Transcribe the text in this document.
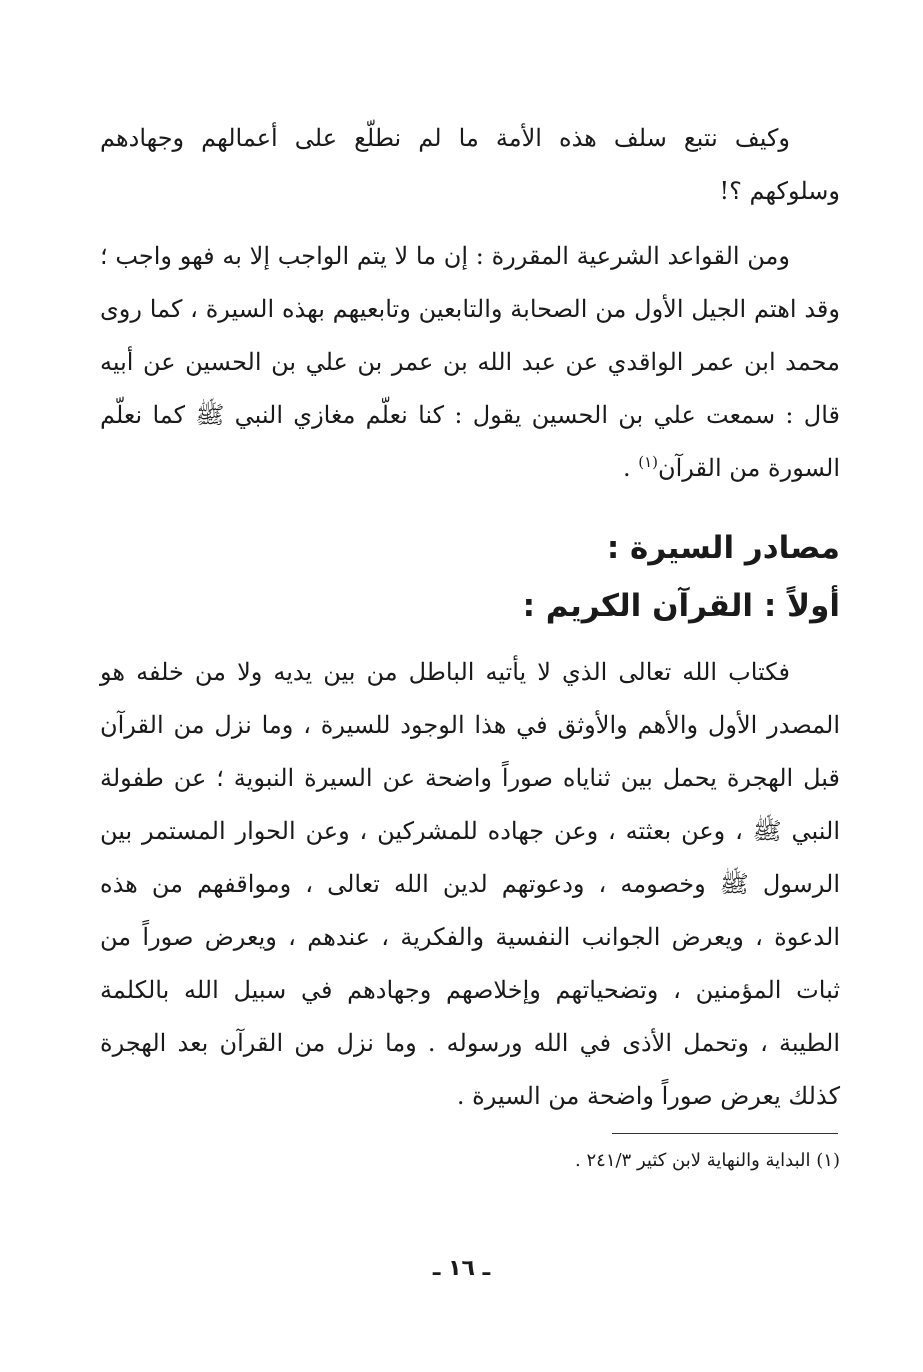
وكيف نتبع سلف هذه الأمة ما لم نطلّع على أعمالهم وجهادهم وسلوكهم ؟!

ومن القواعد الشرعية المقررة : إن ما لا يتم الواجب إلا به فهو واجب ؛ وقد اهتم الجيل الأول من الصحابة والتابعين وتابعيهم بهذه السيرة ، كما روى محمد ابن عمر الواقدي عن عبد الله بن عمر بن علي بن الحسين عن أبيه قال : سمعت علي بن الحسين يقول : كنا نعلّم مغازي النبي ﷺ كما نعلّم السورة من القرآن$^{(١)}$ .

مصادر السيرة :
أولاً : القرآن الكريم :

فكتاب الله تعالى الذي لا يأتيه الباطل من بين يديه ولا من خلفه هو المصدر الأول والأهم والأوثق في هذا الوجود للسيرة ، وما نزل من القرآن قبل الهجرة يحمل بين ثناياه صوراً واضحة عن السيرة النبوية ؛ عن طفولة النبي ﷺ ، وعن بعثته ، وعن جهاده للمشركين ، وعن الحوار المستمر بين الرسول ﷺ وخصومه ، ودعوتهم لدين الله تعالى ، ومواقفهم من هذه الدعوة ، ويعرض الجوانب النفسية والفكرية ، عندهم ، ويعرض صوراً من ثبات المؤمنين ، وتضحياتهم وإخلاصهم وجهادهم في سبيل الله بالكلمة الطيبة ، وتحمل الأذى في الله ورسوله . وما نزل من القرآن بعد الهجرة كذلك يعرض صوراً واضحة من السيرة .

(١) البداية والنهاية لابن كثير ٢٤١/٣ .
ـ ١٦ ـ
